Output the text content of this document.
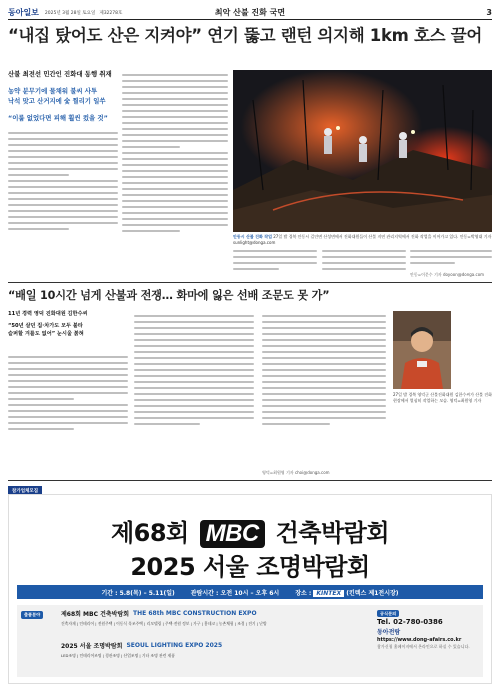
동아일보 2025년 3월 28일 토요일 제32278호	최악 산불 진화 국면	3
“내집 탔어도 산은 지켜야” 연기 뚫고 랜턴 의지해 1km 호스 끌어
산불 최전선 민간인 진화대 동행 취재
농약 분무기에 물채워 불씨 사투
낙석 맞고 산거지에 숯 찔리기 일쑤
“이룹 없었다면 피해 훨씬 컸을 것”
안동시 산불 진화 작업 27일 밤 경북 안동시 길안면 산성면에서 진화대원들이 산불 지연 관리지역에서 진화 작업을 이어가고 있다. 안동=박영대 기자 sunlight@donga.com
안동=이문수 기자 doyoon@donga.com
“배일 10시간 넘게 산불과 전쟁… 화마에 잃은 선배 조문도 못 가”
11년 경력 영덕 진화대원 김한수씨
“50년 살던 집·차가도 모두 불타
슬퍼할 겨를도 없어” 눈시울 붉혀
27일 밤 경북 영덕군 산불진화대원 김한수씨가 산불 진화 현장에서 열심히 작업하는 모습. 영덕=최원영 기자
영덕=최원영 기자 choi@donga.com
참가업체모집
제68회 MBC 건축박람회
2025 서울 조명박람회
기간 : 5.8(목) – 5.11(일)	관람시간 : 오전 10시 – 오후 6시	장소 : KINTEX (킨텍스 제1전시장)
출품분야	제68회 MBC 건축박람회 THE 68th MBC CONSTRUCTION EXPO
건축자재 | 인테리어 | 전원주택 | 이동식 목조주택 | 리모델링 | 주택·전원 정보 | 가구 | 홈데코 | 농촌체험 | 조경 | 전기 | 난방
2025 서울 조명박람회 SEOUL LIGHTING EXPO 2025
LED조명 | 인테리어조명 | 경관조명 | 산업조명 | 기타 조명 관련 제품
공식문의
Tel. 02-780-0386
동아전람
https://www.dong-afairs.co.kr
참가신청 홈페이지에서 온라인으로 하실 수 있습니다.
